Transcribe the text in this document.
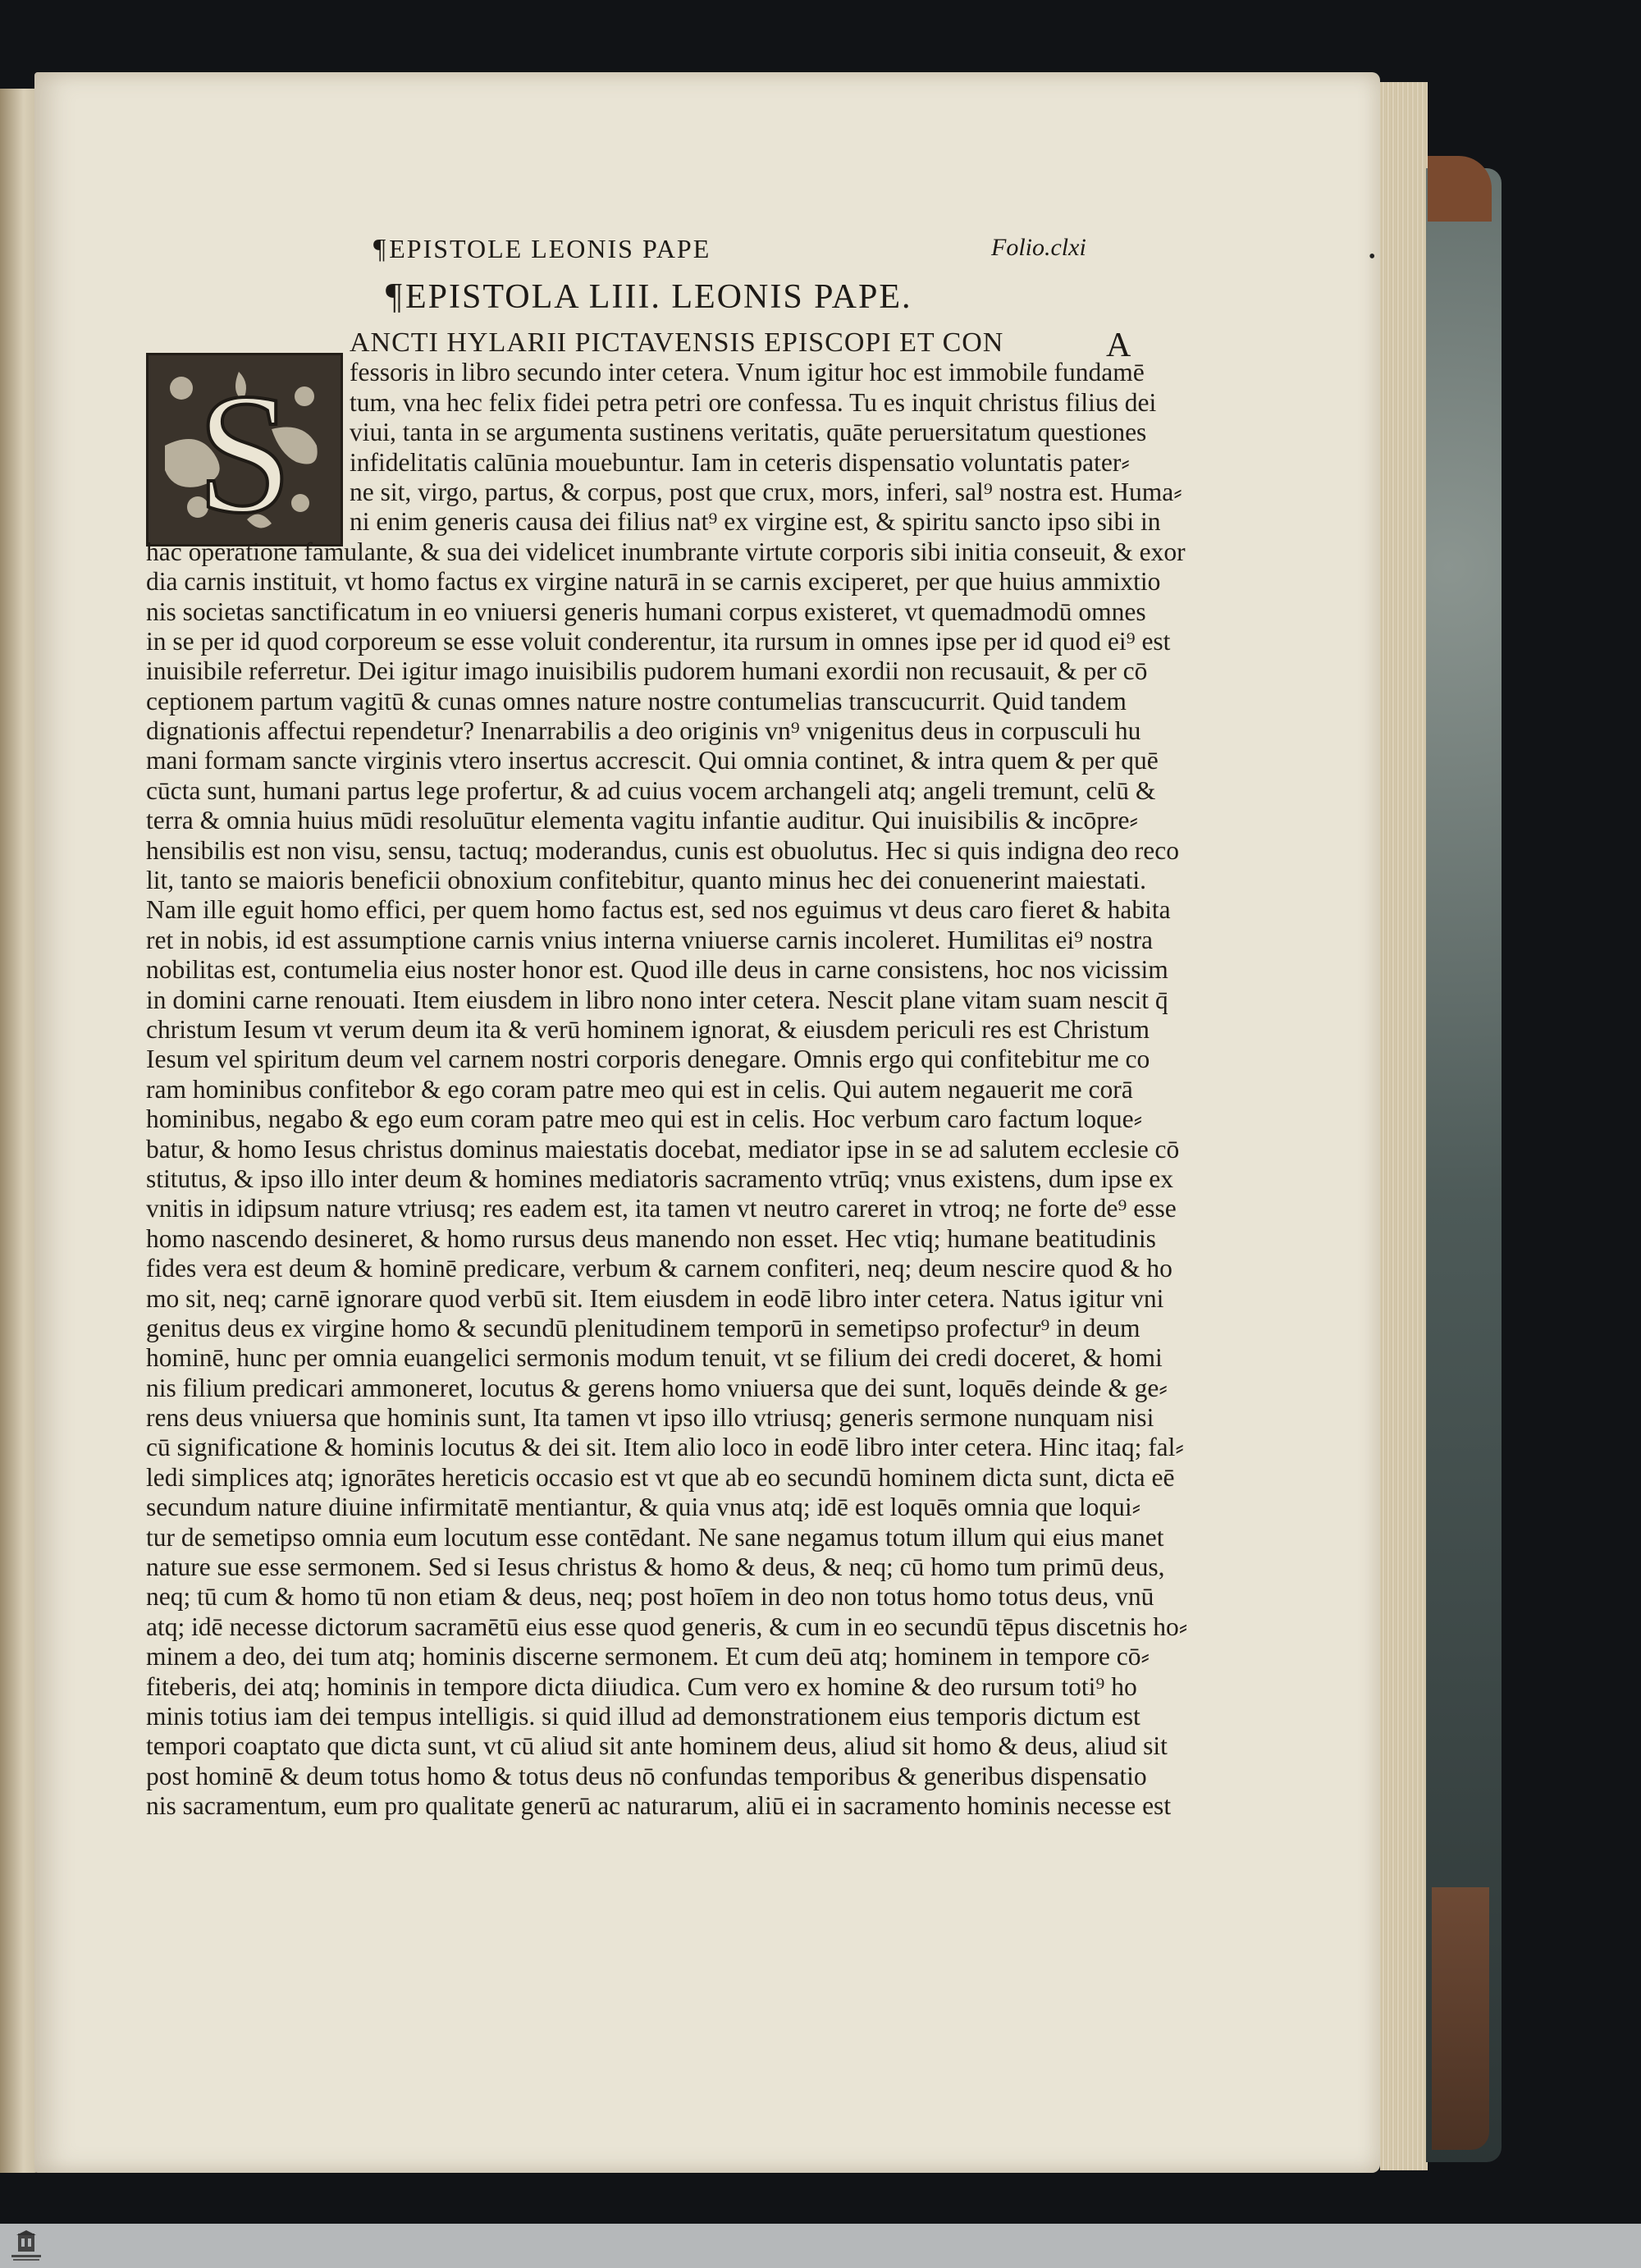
¶EPISTOLE LEONIS PAPE	Folio.clxi	•
¶EPISTOLA LIII. LEONIS PAPE.
A
S
ANCTI HYLARII PICTAVENSIS EPISCOPI ET CON
fessoris in libro secundo inter cetera. Vnum igitur hoc est immobile fundamē
tum, vna hec felix fidei petra petri ore confessa. Tu es inquit christus filius dei
viui, tanta in se argumenta sustinens veritatis, quāte peruersitatum questiones
infidelitatis calūnia mouebuntur. Iam in ceteris dispensatio voluntatis pater⸗
ne sit, virgo, partus, & corpus, post que crux, mors, inferi, sal⁹ nostra est. Huma⸗
ni enim generis causa dei filius nat⁹ ex virgine est, & spiritu sancto ipso sibi in
hac operatione famulante, & sua dei videlicet inumbrante virtute corporis sibi initia conseuit, & exor
dia carnis instituit, vt homo factus ex virgine naturā in se carnis exciperet, per que huius ammixtio
nis societas sanctificatum in eo vniuersi generis humani corpus existeret, vt quemadmodū omnes
in se per id quod corporeum se esse voluit conderentur, ita rursum in omnes ipse per id quod ei⁹ est
inuisibile referretur. Dei igitur imago inuisibilis pudorem humani exordii non recusauit, & per cō
ceptionem partum vagitū & cunas omnes nature nostre contumelias transcucurrit. Quid tandem
dignationis affectui rependetur? Inenarrabilis a deo originis vn⁹ vnigenitus deus in corpusculi hu
mani formam sancte virginis vtero insertus accrescit. Qui omnia continet, & intra quem & per quē
cūcta sunt, humani partus lege profertur, & ad cuius vocem archangeli atq; angeli tremunt, celū &
terra & omnia huius mūdi resoluūtur elementa vagitu infantie auditur. Qui inuisibilis & incōpre⸗
hensibilis est non visu, sensu, tactuq; moderandus, cunis est obuolutus. Hec si quis indigna deo reco
lit, tanto se maioris beneficii obnoxium confitebitur, quanto minus hec dei conuenerint maiestati.
Nam ille eguit homo effici, per quem homo factus est, sed nos eguimus vt deus caro fieret & habita
ret in nobis, id est assumptione carnis vnius interna vniuerse carnis incoleret. Humilitas ei⁹ nostra
nobilitas est, contumelia eius noster honor est. Quod ille deus in carne consistens, hoc nos vicissim
in domini carne renouati. Item eiusdem in libro nono inter cetera. Nescit plane vitam suam nescit q̄
christum Iesum vt verum deum ita & verū hominem ignorat, & eiusdem periculi res est Christum
Iesum vel spiritum deum vel carnem nostri corporis denegare. Omnis ergo qui confitebitur me co
ram hominibus confitebor & ego coram patre meo qui est in celis. Qui autem negauerit me corā
hominibus, negabo & ego eum coram patre meo qui est in celis. Hoc verbum caro factum loque⸗
batur, & homo Iesus christus dominus maiestatis docebat, mediator ipse in se ad salutem ecclesie cō
stitutus, & ipso illo inter deum & homines mediatoris sacramento vtrūq; vnus existens, dum ipse ex
vnitis in idipsum nature vtriusq; res eadem est, ita tamen vt neutro careret in vtroq; ne forte de⁹ esse
homo nascendo desineret, & homo rursus deus manendo non esset. Hec vtiq; humane beatitudinis
fides vera est deum & hominē predicare, verbum & carnem confiteri, neq; deum nescire quod & ho
mo sit, neq; carnē ignorare quod verbū sit. Item eiusdem in eodē libro inter cetera. Natus igitur vni
genitus deus ex virgine homo & secundū plenitudinem temporū in semetipso profectur⁹ in deum
hominē, hunc per omnia euangelici sermonis modum tenuit, vt se filium dei credi doceret, & homi
nis filium predicari ammoneret, locutus & gerens homo vniuersa que dei sunt, loquēs deinde & ge⸗
rens deus vniuersa que hominis sunt, Ita tamen vt ipso illo vtriusq; generis sermone nunquam nisi
cū significatione & hominis locutus & dei sit. Item alio loco in eodē libro inter cetera. Hinc itaq; fal⸗
ledi simplices atq; ignorātes hereticis occasio est vt que ab eo secundū hominem dicta sunt, dicta eē
secundum nature diuine infirmitatē mentiantur, & quia vnus atq; idē est loquēs omnia que loqui⸗
tur de semetipso omnia eum locutum esse contēdant. Ne sane negamus totum illum qui eius manet
nature sue esse sermonem. Sed si Iesus christus & homo & deus, & neq; cū homo tum primū deus,
neq; tū cum & homo tū non etiam & deus, neq; post hoīem in deo non totus homo totus deus, vnū
atq; idē necesse dictorum sacramētū eius esse quod generis, & cum in eo secundū tēpus discetnis ho⸗
minem a deo, dei tum atq; hominis discerne sermonem. Et cum deū atq; hominem in tempore cō⸗
fiteberis, dei atq; hominis in tempore dicta diiudica. Cum vero ex homine & deo rursum toti⁹ ho
minis totius iam dei tempus intelligis. si quid illud ad demonstrationem eius temporis dictum est
tempori coaptato que dicta sunt, vt cū aliud sit ante hominem deus, aliud sit homo & deus, aliud sit
post hominē & deum totus homo & totus deus nō confundas temporibus & generibus dispensatio
nis sacramentum, eum pro qualitate generū ac naturarum, aliū ei in sacramento hominis necesse est
